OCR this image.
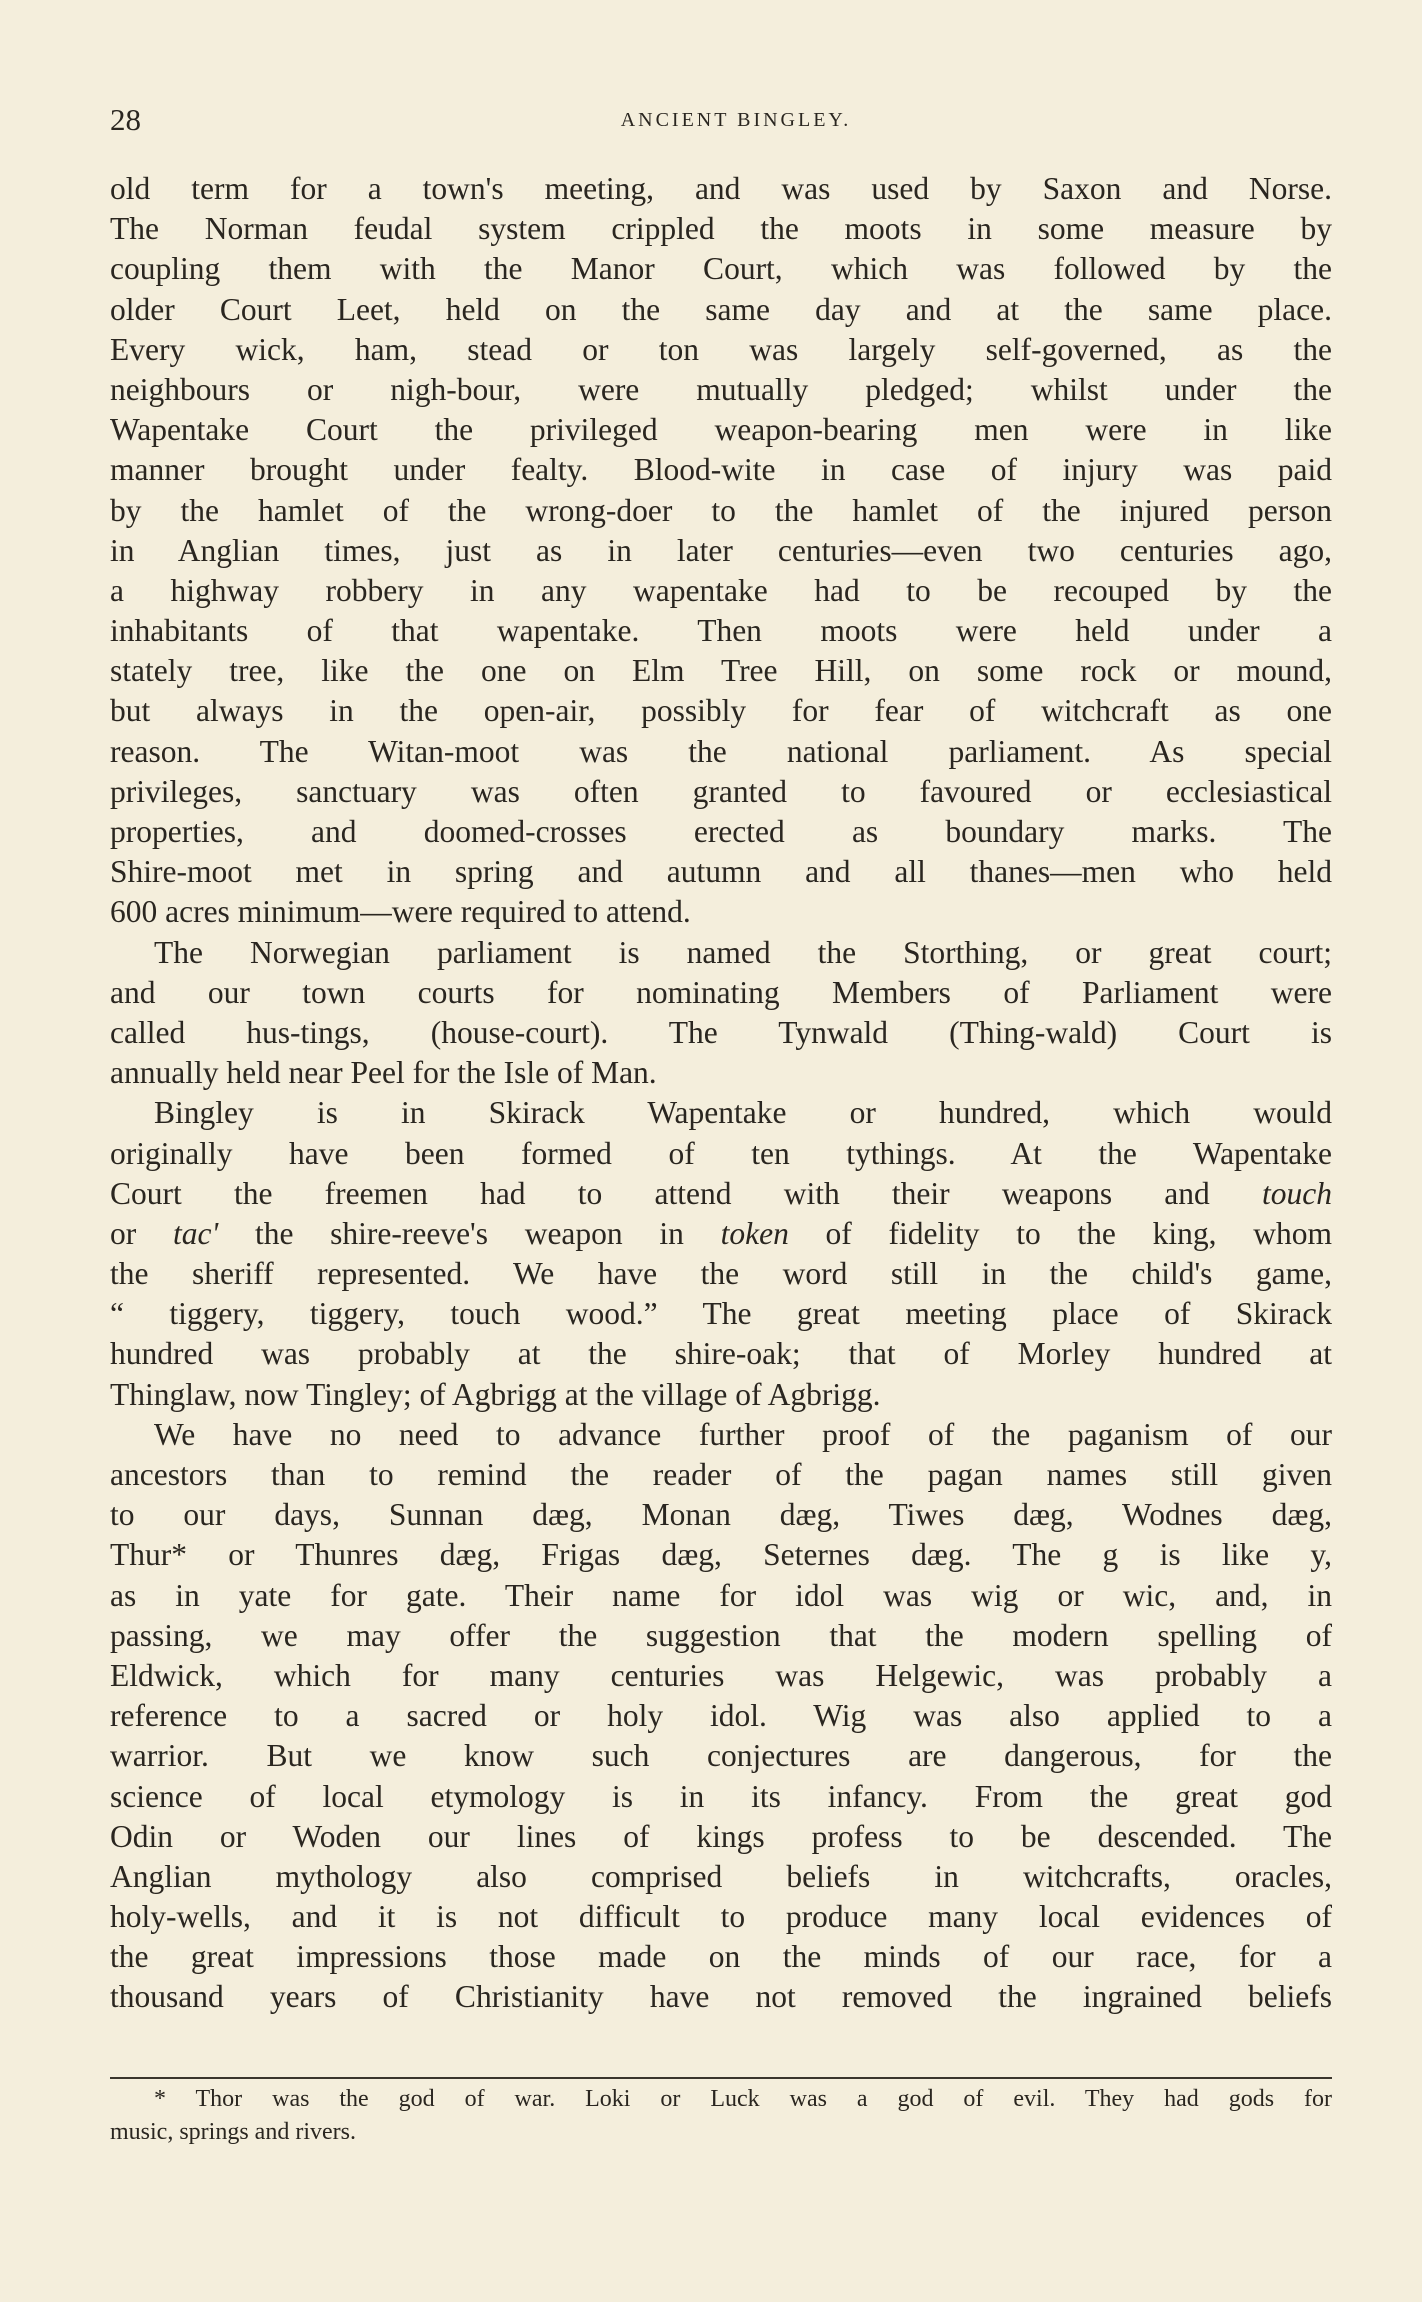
28	ANCIENT BINGLEY.
old term for a town's meeting, and was used by Saxon and Norse.
The Norman feudal system crippled the moots in some measure by
coupling them with the Manor Court, which was followed by the
older Court Leet, held on the same day and at the same place.
Every wick, ham, stead or ton was largely self-governed, as the
neighbours or nigh-bour, were mutually pledged; whilst under the
Wapentake Court the privileged weapon-bearing men were in like
manner brought under fealty. Blood-wite in case of injury was paid
by the hamlet of the wrong-doer to the hamlet of the injured person
in Anglian times, just as in later centuries—even two centuries ago,
a highway robbery in any wapentake had to be recouped by the
inhabitants of that wapentake. Then moots were held under a
stately tree, like the one on Elm Tree Hill, on some rock or mound,
but always in the open-air, possibly for fear of witchcraft as one
reason. The Witan-moot was the national parliament. As special
privileges, sanctuary was often granted to favoured or ecclesiastical
properties, and doomed-crosses erected as boundary marks. The
Shire-moot met in spring and autumn and all thanes—men who held
600 acres minimum—were required to attend.
The Norwegian parliament is named the Storthing, or great court;
and our town courts for nominating Members of Parliament were
called hus-tings, (house-court). The Tynwald (Thing-wald) Court is
annually held near Peel for the Isle of Man.
Bingley is in Skirack Wapentake or hundred, which would
originally have been formed of ten tythings. At the Wapentake
Court the freemen had to attend with their weapons and touch
or tac' the shire-reeve's weapon in token of fidelity to the king, whom
the sheriff represented. We have the word still in the child's game,
“ tiggery, tiggery, touch wood.” The great meeting place of Skirack
hundred was probably at the shire-oak; that of Morley hundred at
Thinglaw, now Tingley; of Agbrigg at the village of Agbrigg.
We have no need to advance further proof of the paganism of our
ancestors than to remind the reader of the pagan names still given
to our days, Sunnan dæg, Monan dæg, Tiwes dæg, Wodnes dæg,
Thur* or Thunres dæg, Frigas dæg, Seternes dæg. The g is like y,
as in yate for gate. Their name for idol was wig or wic, and, in
passing, we may offer the suggestion that the modern spelling of
Eldwick, which for many centuries was Helgewic, was probably a
reference to a sacred or holy idol. Wig was also applied to a
warrior. But we know such conjectures are dangerous, for the
science of local etymology is in its infancy. From the great god
Odin or Woden our lines of kings profess to be descended. The
Anglian mythology also comprised beliefs in witchcrafts, oracles,
holy-wells, and it is not difficult to produce many local evidences of
the great impressions those made on the minds of our race, for a
thousand years of Christianity have not removed the ingrained beliefs
* Thor was the god of war. Loki or Luck was a god of evil. They had gods for
music, springs and rivers.
